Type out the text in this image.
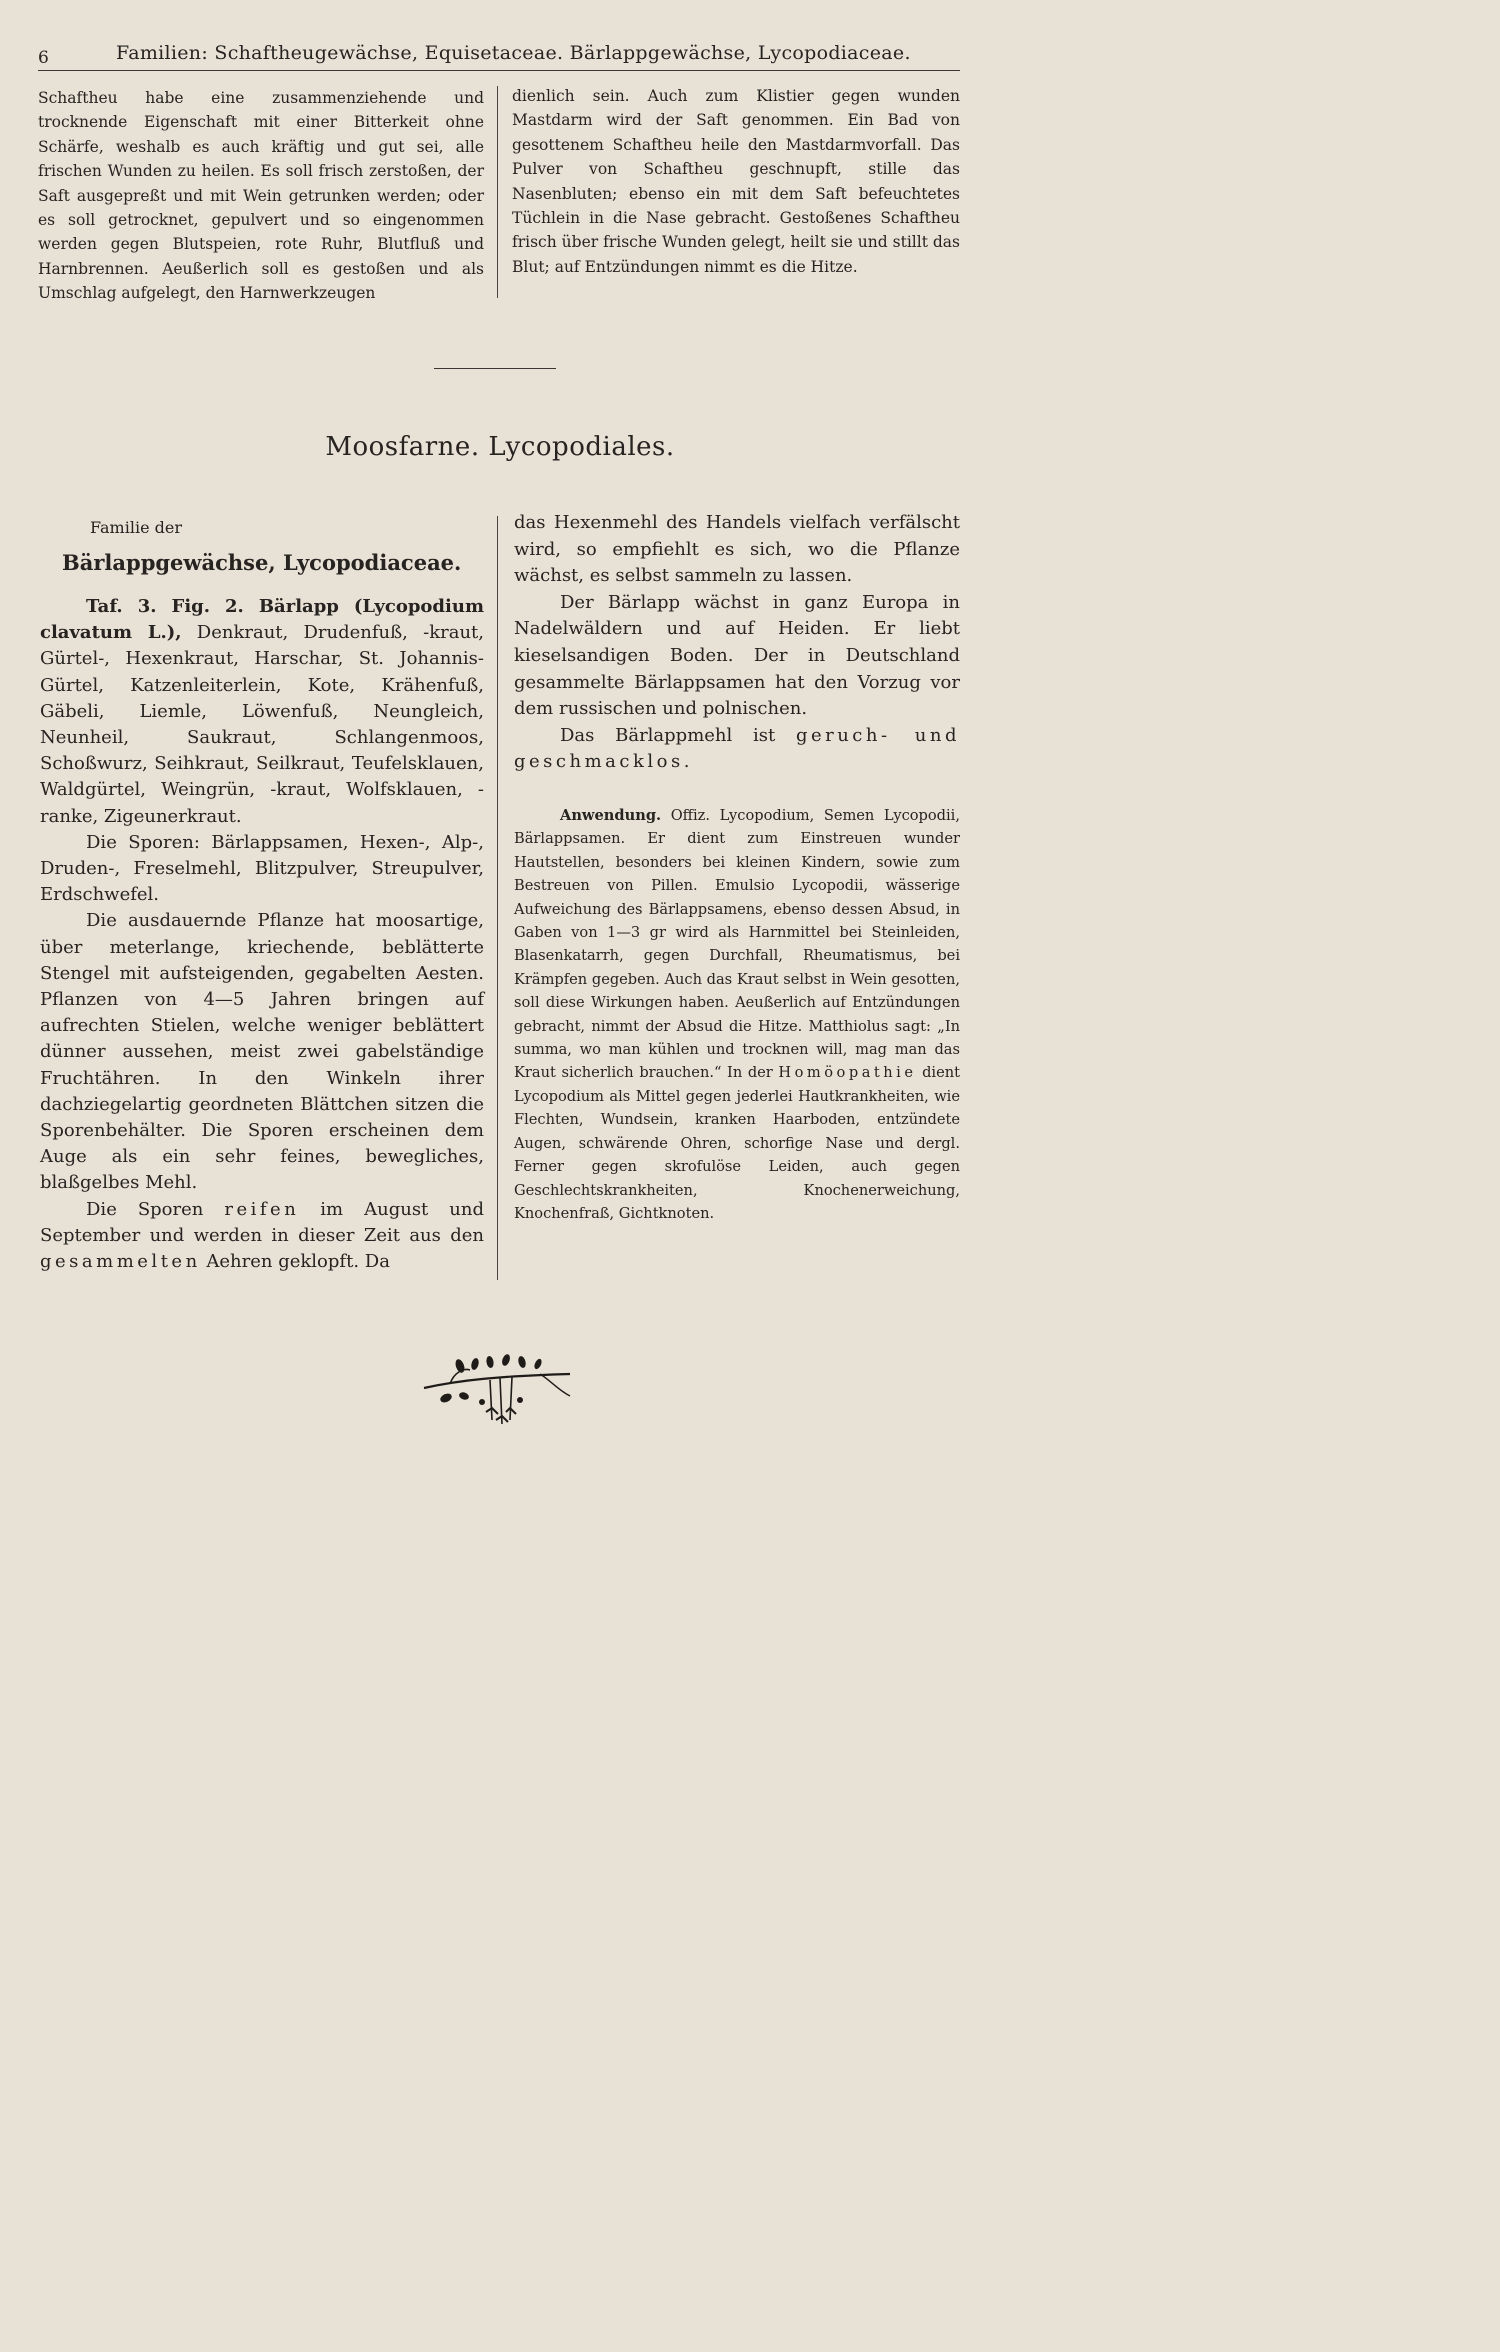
6	Familien: Schaftheugewächse, Equisetaceae. Bärlappgewächse, Lycopodiaceae.

Schaftheu habe eine zusammenziehende und trocknende Eigenschaft mit einer Bitterkeit ohne Schärfe, weshalb es auch kräftig und gut sei, alle frischen Wunden zu heilen. Es soll frisch zerstoßen, der Saft ausgepreßt und mit Wein getrunken werden; oder es soll getrocknet, gepulvert und so eingenommen werden gegen Blutspeien, rote Ruhr, Blutfluß und Harnbrennen. Aeußerlich soll es gestoßen und als Umschlag aufgelegt, den Harnwerkzeugen

dienlich sein. Auch zum Klistier gegen wunden Mastdarm wird der Saft genommen. Ein Bad von gesottenem Schaftheu heile den Mastdarmvorfall. Das Pulver von Schaftheu geschnupft, stille das Nasenbluten; ebenso ein mit dem Saft befeuchtetes Tüchlein in die Nase gebracht. Gestoßenes Schaftheu frisch über frische Wunden gelegt, heilt sie und stillt das Blut; auf Entzündungen nimmt es die Hitze.

Moosfarne. Lycopodiales.
Familie der
Bärlappgewächse, Lycopodiaceae.

Taf. 3. Fig. 2. Bärlapp (Lycopodium clavatum L.), Denkraut, Drudenfuß, -kraut, Gürtel-, Hexenkraut, Harschar, St. Johannis-Gürtel, Katzenleiterlein, Kote, Krähenfuß, Gäbeli, Liemle, Löwenfuß, Neungleich, Neunheil, Saukraut, Schlangenmoos, Schoßwurz, Seihkraut, Seilkraut, Teufelsklauen, Waldgürtel, Weingrün, -kraut, Wolfsklauen, -ranke, Zigeunerkraut.

Die Sporen: Bärlappsamen, Hexen-, Alp-, Druden-, Freselmehl, Blitzpulver, Streupulver, Erdschwefel.

Die ausdauernde Pflanze hat moosartige, über meterlange, kriechende, beblätterte Stengel mit aufsteigenden, gegabelten Aesten. Pflanzen von 4—5 Jahren bringen auf aufrechten Stielen, welche weniger beblättert dünner aussehen, meist zwei gabelständige Fruchtähren. In den Winkeln ihrer dachziegelartig geordneten Blättchen sitzen die Sporenbehälter. Die Sporen erscheinen dem Auge als ein sehr feines, bewegliches, blaßgelbes Mehl.

Die Sporen reifen im August und September und werden in dieser Zeit aus den gesammelten Aehren geklopft. Da

das Hexenmehl des Handels vielfach verfälscht wird, so empfiehlt es sich, wo die Pflanze wächst, es selbst sammeln zu lassen.

Der Bärlapp wächst in ganz Europa in Nadelwäldern und auf Heiden. Er liebt kieselsandigen Boden. Der in Deutschland gesammelte Bärlappsamen hat den Vorzug vor dem russischen und polnischen.

Das Bärlappmehl ist geruch- und geschmacklos.

Anwendung. Offiz. Lycopodium, Semen Lycopodii, Bärlappsamen. Er dient zum Einstreuen wunder Hautstellen, besonders bei kleinen Kindern, sowie zum Bestreuen von Pillen. Emulsio Lycopodii, wässerige Aufweichung des Bärlappsamens, ebenso dessen Absud, in Gaben von 1—3 gr wird als Harnmittel bei Steinleiden, Blasenkatarrh, gegen Durchfall, Rheumatismus, bei Krämpfen gegeben. Auch das Kraut selbst in Wein gesotten, soll diese Wirkungen haben. Aeußerlich auf Entzündungen gebracht, nimmt der Absud die Hitze. Matthiolus sagt: „In summa, wo man kühlen und trocknen will, mag man das Kraut sicherlich brauchen.“ In der Homöopathie dient Lycopodium als Mittel gegen jederlei Hautkrankheiten, wie Flechten, Wundsein, kranken Haarboden, entzündete Augen, schwärende Ohren, schorfige Nase und dergl. Ferner gegen skrofulöse Leiden, auch gegen Geschlechtskrankheiten, Knochenerweichung, Knochenfraß, Gichtknoten.
